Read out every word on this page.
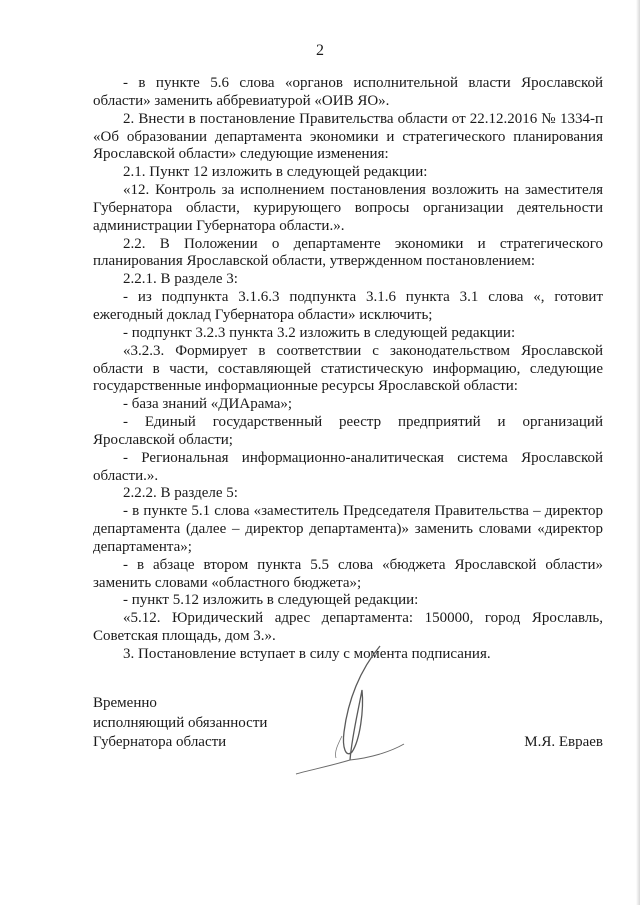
2

- в пункте 5.6 слова «органов исполнительной власти Ярославской области» заменить аббревиатурой «ОИВ ЯО».

2. Внести в постановление Правительства области от 22.12.2016 № 1334-п «Об образовании департамента экономики и стратегического планирования Ярославской области» следующие изменения:

2.1. Пункт 12 изложить в следующей редакции:

«12. Контроль за исполнением постановления возложить на заместителя Губернатора области, курирующего вопросы организации деятельности администрации Губернатора области.».

2.2. В Положении о департаменте экономики и стратегического планирования Ярославской области, утвержденном постановлением:

2.2.1. В разделе 3:

- из подпункта 3.1.6.3 подпункта 3.1.6 пункта 3.1 слова «, готовит ежегодный доклад Губернатора области» исключить;

- подпункт 3.2.3 пункта 3.2 изложить в следующей редакции:

«3.2.3. Формирует в соответствии с законодательством Ярославской области в части, составляющей статистическую информацию, следующие государственные информационные ресурсы Ярославской области:

- база знаний «ДИАрама»;

- Единый государственный реестр предприятий и организаций Ярославской области;

- Региональная информационно-аналитическая система Ярославской области.».

2.2.2. В разделе 5:

- в пункте 5.1 слова «заместитель Председателя Правительства – директор департамента (далее – директор департамента)» заменить словами «директор департамента»;

- в абзаце втором пункта 5.5 слова «бюджета Ярославской области» заменить словами «областного бюджета»;

- пункт 5.12 изложить в следующей редакции:

«5.12. Юридический адрес департамента: 150000, город Ярославль, Советская площадь, дом 3.».

3. Постановление вступает в силу с момента подписания.

Временно

исполняющий обязанности

Губернатора области	М.Я. Евраев
